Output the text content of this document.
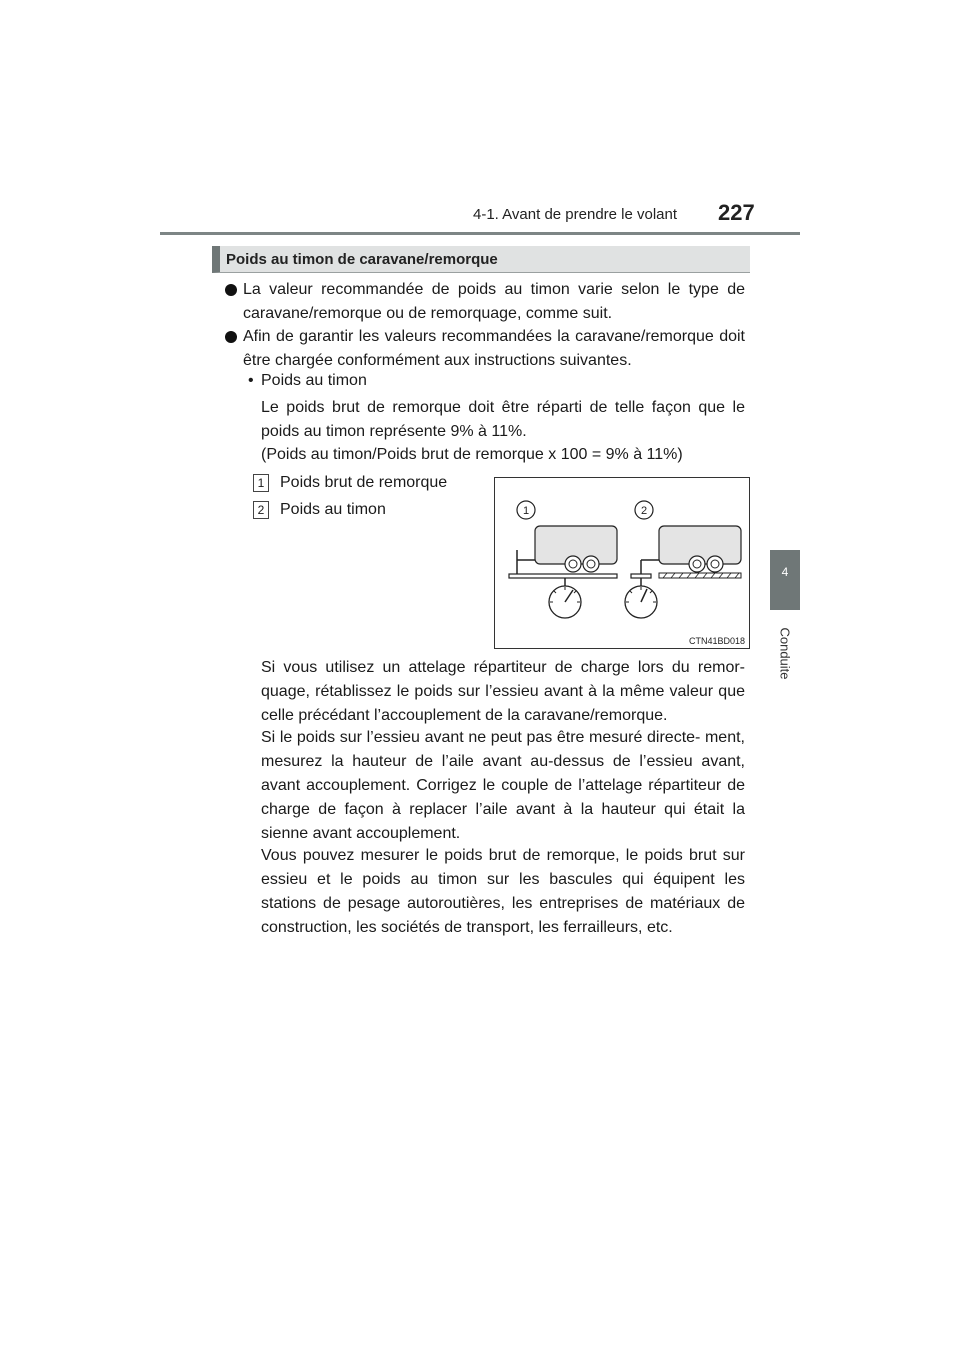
4-1. Avant de prendre le volant 227
4
Conduite
Poids au timon de caravane/remorque

La valeur recommandée de poids au timon varie selon le type de caravane/remorque ou de remorquage, comme suit.

Afin de garantir les valeurs recommandées la caravane/remorque doit être chargée conformément aux instructions suivantes.

• Poids au timon

Le poids brut de remorque doit être réparti de telle façon que le poids au timon représente 9% à 11%.

(Poids au timon/Poids brut de remorque x 100 = 9% à 11%)

1 Poids brut de remorque
2 Poids au timon	1	2
CTN41BD018

Si vous utilisez un attelage répartiteur de charge lors du remor- quage, rétablissez le poids sur l’essieu avant à la même valeur que celle précédant l’accouplement de la caravane/remorque.

Si le poids sur l’essieu avant ne peut pas être mesuré directe- ment, mesurez la hauteur de l’aile avant au-dessus de l’essieu avant, avant accouplement. Corrigez le couple de l’attelage répartiteur de charge de façon à replacer l’aile avant à la hauteur qui était la sienne avant accouplement.

Vous pouvez mesurer le poids brut de remorque, le poids brut sur essieu et le poids au timon sur les bascules qui équipent les stations de pesage autoroutières, les entreprises de matériaux de construction, les sociétés de transport, les ferrailleurs, etc.
